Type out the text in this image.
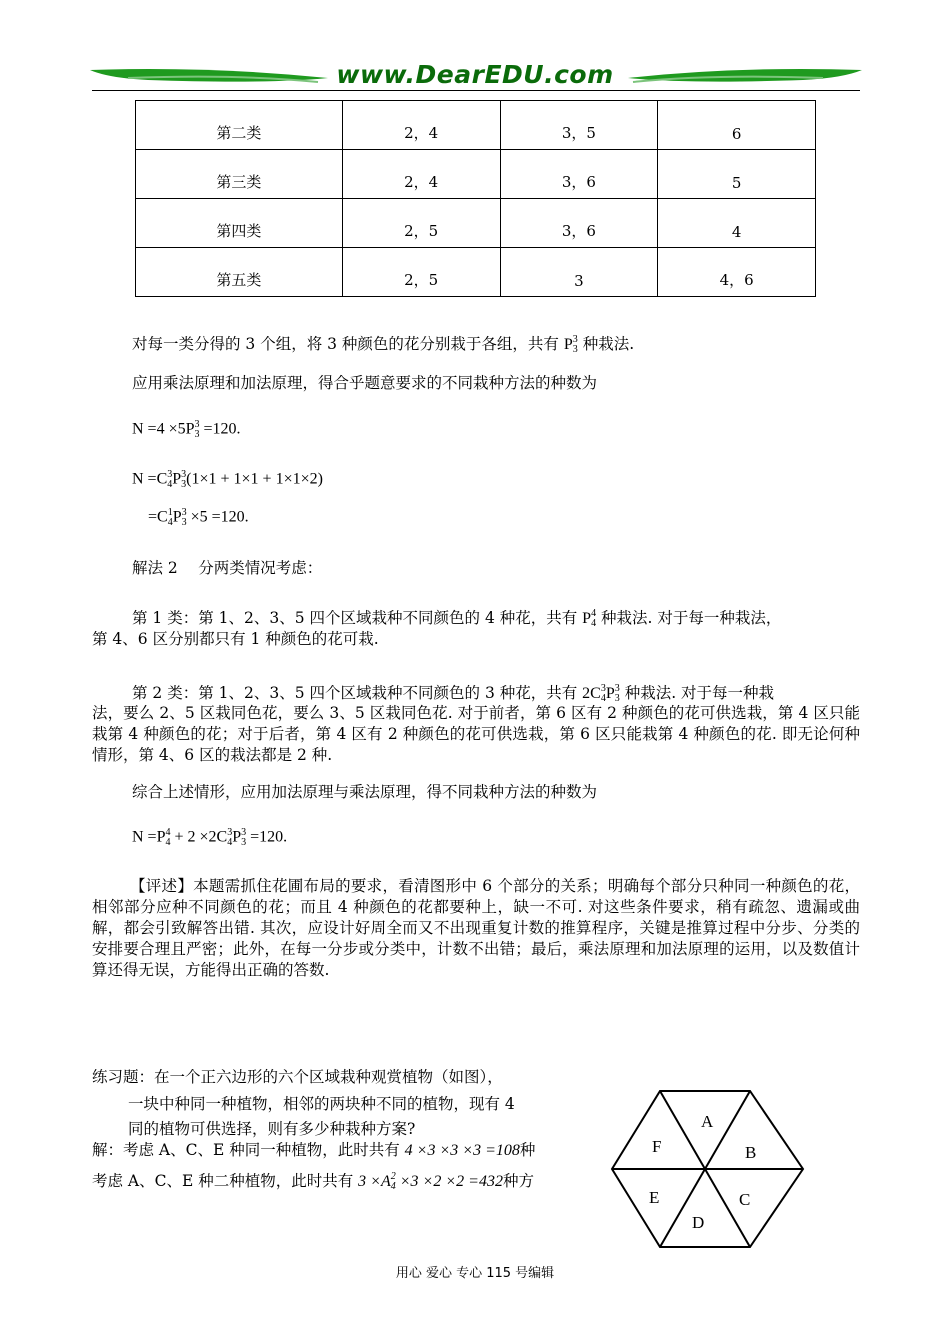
www.DearEDU.com
第二类	2，4	3，5	6
第三类	2，4	3，6	5
第四类	2，5	3，6	4
第五类	2，5	3	4，6
对每一类分得的 3 个组，将 3 种颜色的花分别栽于各组，共有 P3
3 种栽法.
应用乘法原理和加法原理，得合乎题意要求的不同栽种方法的种数为
N =4 ×5P3
3 =120.
N =C3
4P3
3(1×1 + 1×1 + 1×1×2)
=C1
4P3
3 ×5 =120.
解法 2　 分两类情况考虑：
第 1 类：第 1、2、3、5 四个区域栽种不同颜色的 4 种花，共有 P4
4 种栽法. 对于每一种栽法，
第 4、6 区分别都只有 1 种颜色的花可栽.
第 2 类：第 1、2、3、5 四个区域栽种不同颜色的 3 种花，共有 2C3
4P3
3 种栽法. 对于每一种栽
法，要么 2、5 区栽同色花，要么 3、5 区栽同色花. 对于前者，第 6 区有 2 种颜色的花可供选栽，第 4 区只能栽第 4 种颜色的花；对于后者，第 4 区有 2 种颜色的花可供选栽，第 6 区只能栽第 4 种颜色的花. 即无论何种情形，第 4、6 区的栽法都是 2 种.
综合上述情形，应用加法原理与乘法原理，得不同栽种方法的种数为
N =P4
4 + 2 ×2C3
4P3
3 =120.
【评述】本题需抓住花圃布局的要求，看清图形中 6 个部分的关系；明确每个部分只种同一种颜色的花，相邻部分应种不同颜色的花；而且 4 种颜色的花都要种上，缺一不可. 对这些条件要求，稍有疏忽、遗漏或曲解，都会引致解答出错. 其次，应设计好周全而又不出现重复计数的推算程序，关键是推算过程中分步、分类的安排要合理且严密；此外，在每一分步或分类中，计数不出错；最后，乘法原理和加法原理的运用，以及数值计算还得无误，方能得出正确的答数.
练习题：在一个正六边形的六个区域栽种观赏植物（如图），
一块中种同一种植物，相邻的两块种不同的植物，现有 4
同的植物可供选择，则有多少种栽种方案?
解：考虑 A、C、E 种同一种植物，此时共有 4 ×3 ×3 ×3 =108种
考虑 A、C、E 种二种植物，此时共有 3 ×A2
4 ×3 ×2 ×2 =432种方
A
B
C
D
E
F
用心 爱心 专心 115 号编辑
